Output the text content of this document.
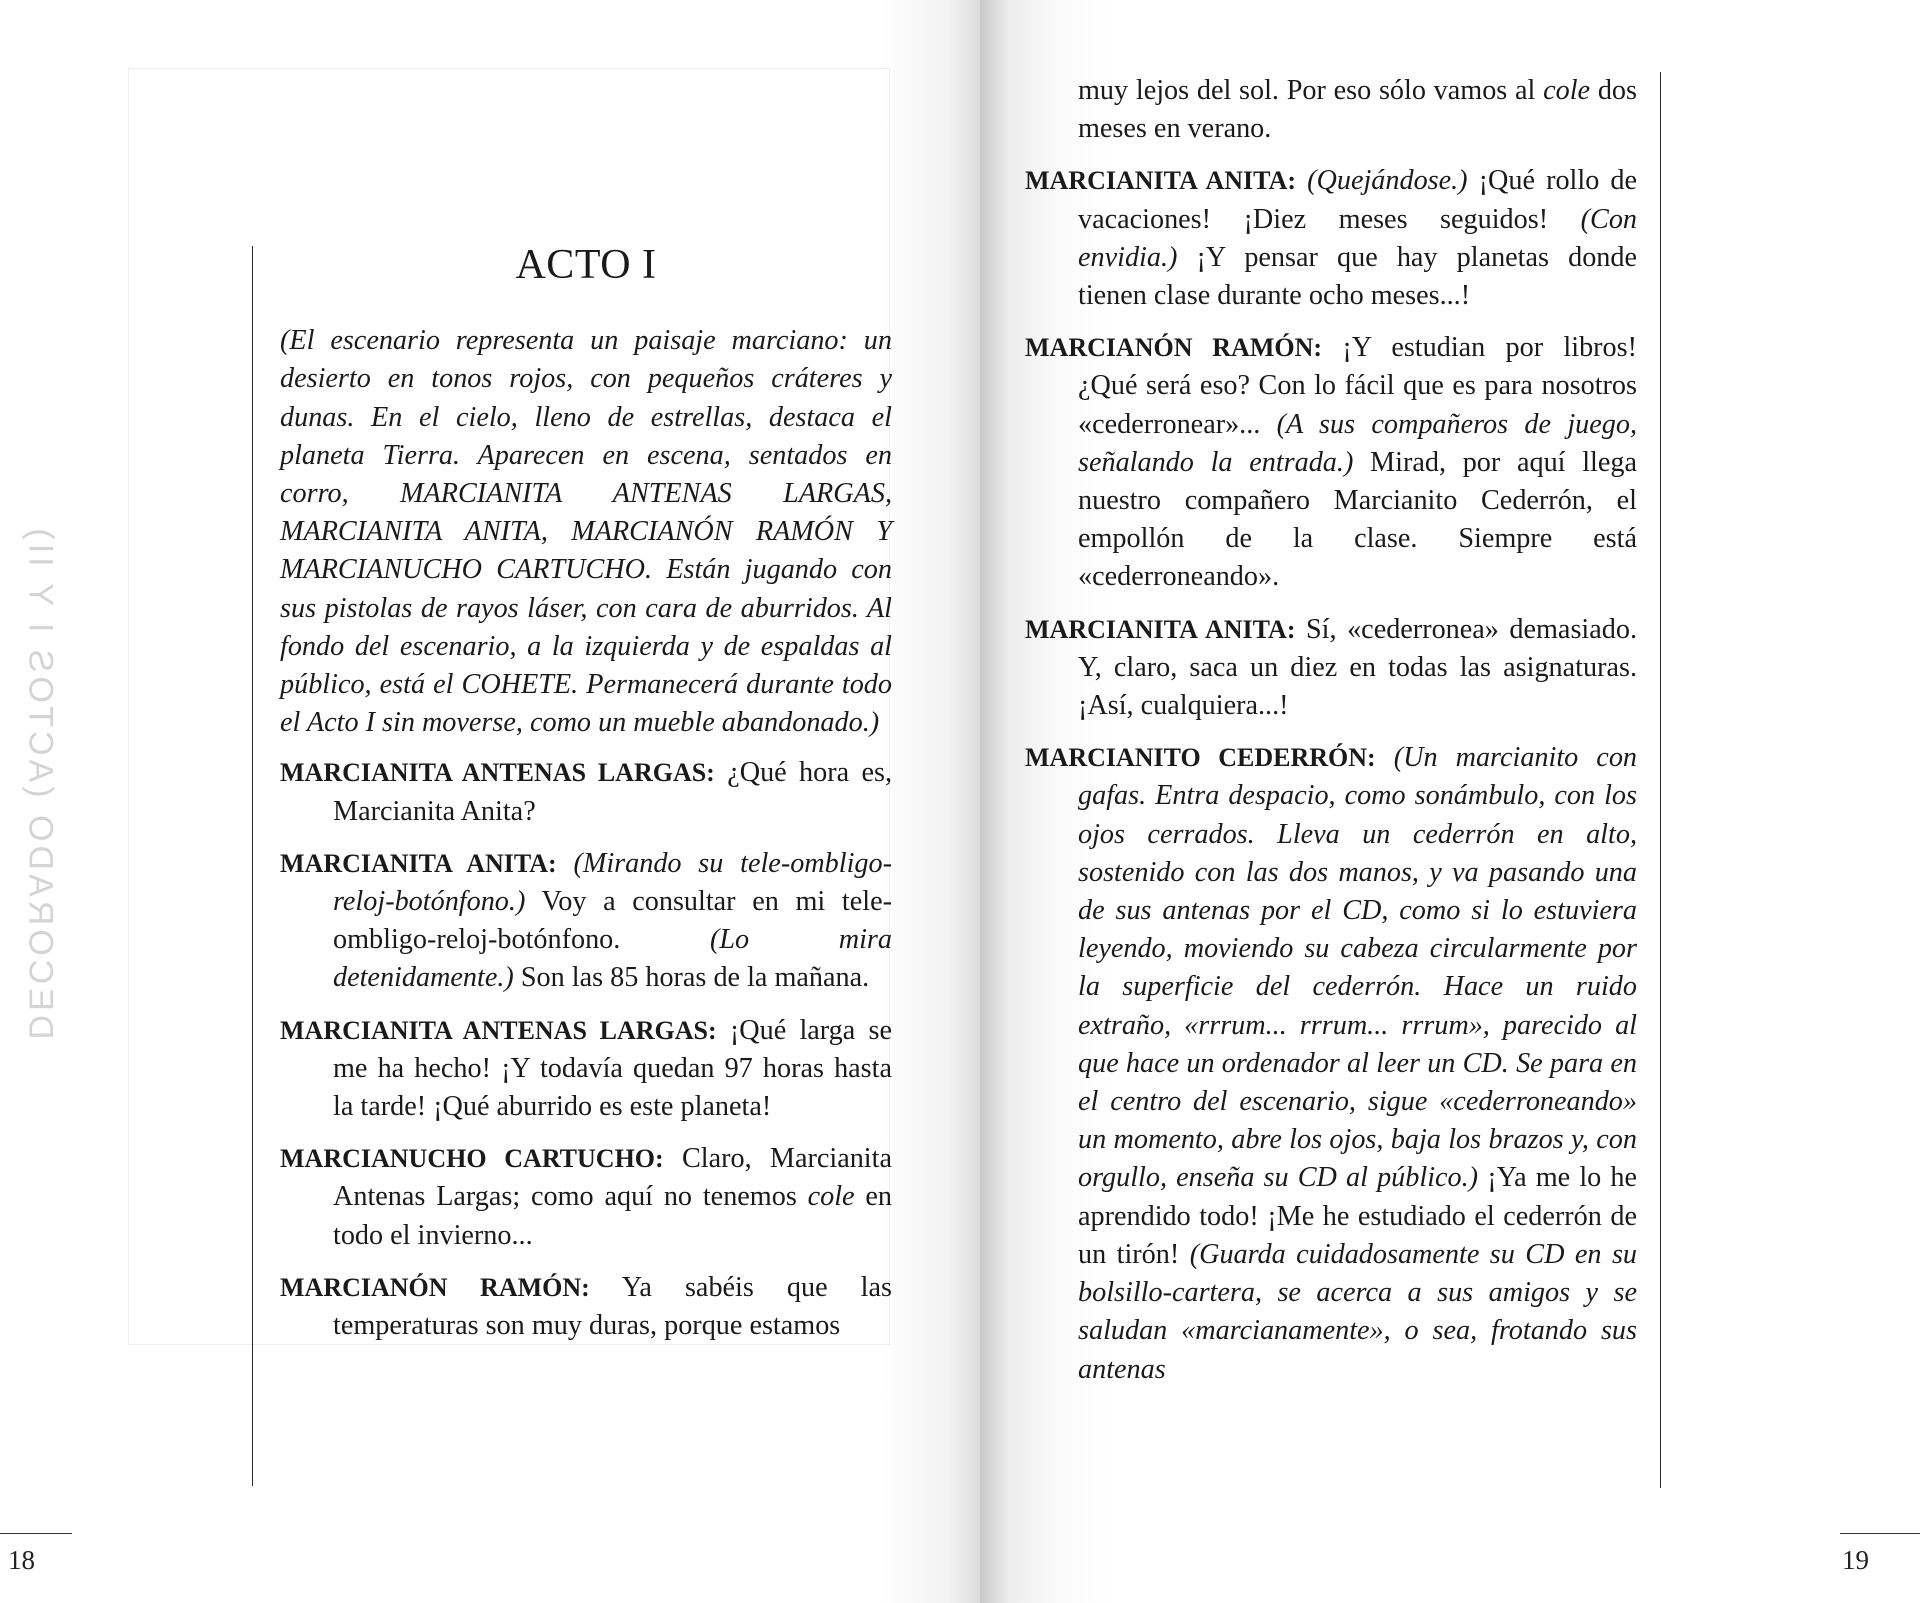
DECORADO (ACTOS I Y II)
ACTO I

(El escenario representa un paisaje marciano: un desierto en tonos rojos, con pequeños cráteres y dunas. En el cielo, lleno de estrellas, destaca el planeta Tierra. Aparecen en escena, sentados en corro, MARCIANITA ANTENAS LARGAS, MARCIANITA ANITA, MARCIANÓN RAMÓN Y MARCIANUCHO CARTUCHO. Están jugando con sus pistolas de rayos láser, con cara de aburridos. Al fondo del escenario, a la izquierda y de espaldas al público, está el COHETE. Permanecerá durante todo el Acto I sin moverse, como un mueble abandonado.)

MARCIANITA ANTENAS LARGAS: ¿Qué hora es, Marcianita Anita?

MARCIANITA ANITA: (Mirando su tele-ombligo-reloj-botónfono.) Voy a consultar en mi tele-ombligo-reloj-botónfono. (Lo mira detenidamente.) Son las 85 horas de la mañana.

MARCIANITA ANTENAS LARGAS: ¡Qué larga se me ha hecho! ¡Y todavía quedan 97 horas hasta la tarde! ¡Qué aburrido es este planeta!

MARCIANUCHO CARTUCHO: Claro, Marcianita Antenas Largas; como aquí no tenemos cole en todo el invierno...

MARCIANÓN RAMÓN: Ya sabéis que las temperaturas son muy duras, porque estamos

18	19

muy lejos del sol. Por eso sólo vamos al cole dos meses en verano.

MARCIANITA ANITA: (Quejándose.) ¡Qué rollo de vacaciones! ¡Diez meses seguidos! (Con envidia.) ¡Y pensar que hay planetas donde tienen clase durante ocho meses...!

MARCIANÓN RAMÓN: ¡Y estudian por libros! ¿Qué será eso? Con lo fácil que es para nosotros «cederronear»... (A sus compañeros de juego, señalando la entrada.) Mirad, por aquí llega nuestro compañero Marcianito Cederrón, el empollón de la clase. Siempre está «cederroneando».

MARCIANITA ANITA: Sí, «cederronea» demasiado. Y, claro, saca un diez en todas las asignaturas. ¡Así, cualquiera...!

MARCIANITO CEDERRÓN: (Un marcianito con gafas. Entra despacio, como sonámbulo, con los ojos cerrados. Lleva un cederrón en alto, sostenido con las dos manos, y va pasando una de sus antenas por el CD, como si lo estuviera leyendo, moviendo su cabeza circularmente por la superficie del cederrón. Hace un ruido extraño, «rrrum... rrrum... rrrum», parecido al que hace un ordenador al leer un CD. Se para en el centro del escenario, sigue «cederroneando» un momento, abre los ojos, baja los brazos y, con orgullo, enseña su CD al público.) ¡Ya me lo he aprendido todo! ¡Me he estudiado el cederrón de un tirón! (Guarda cuidadosamente su CD en su bolsillo-cartera, se acerca a sus amigos y se saludan «marcianamente», o sea, frotando sus antenas
